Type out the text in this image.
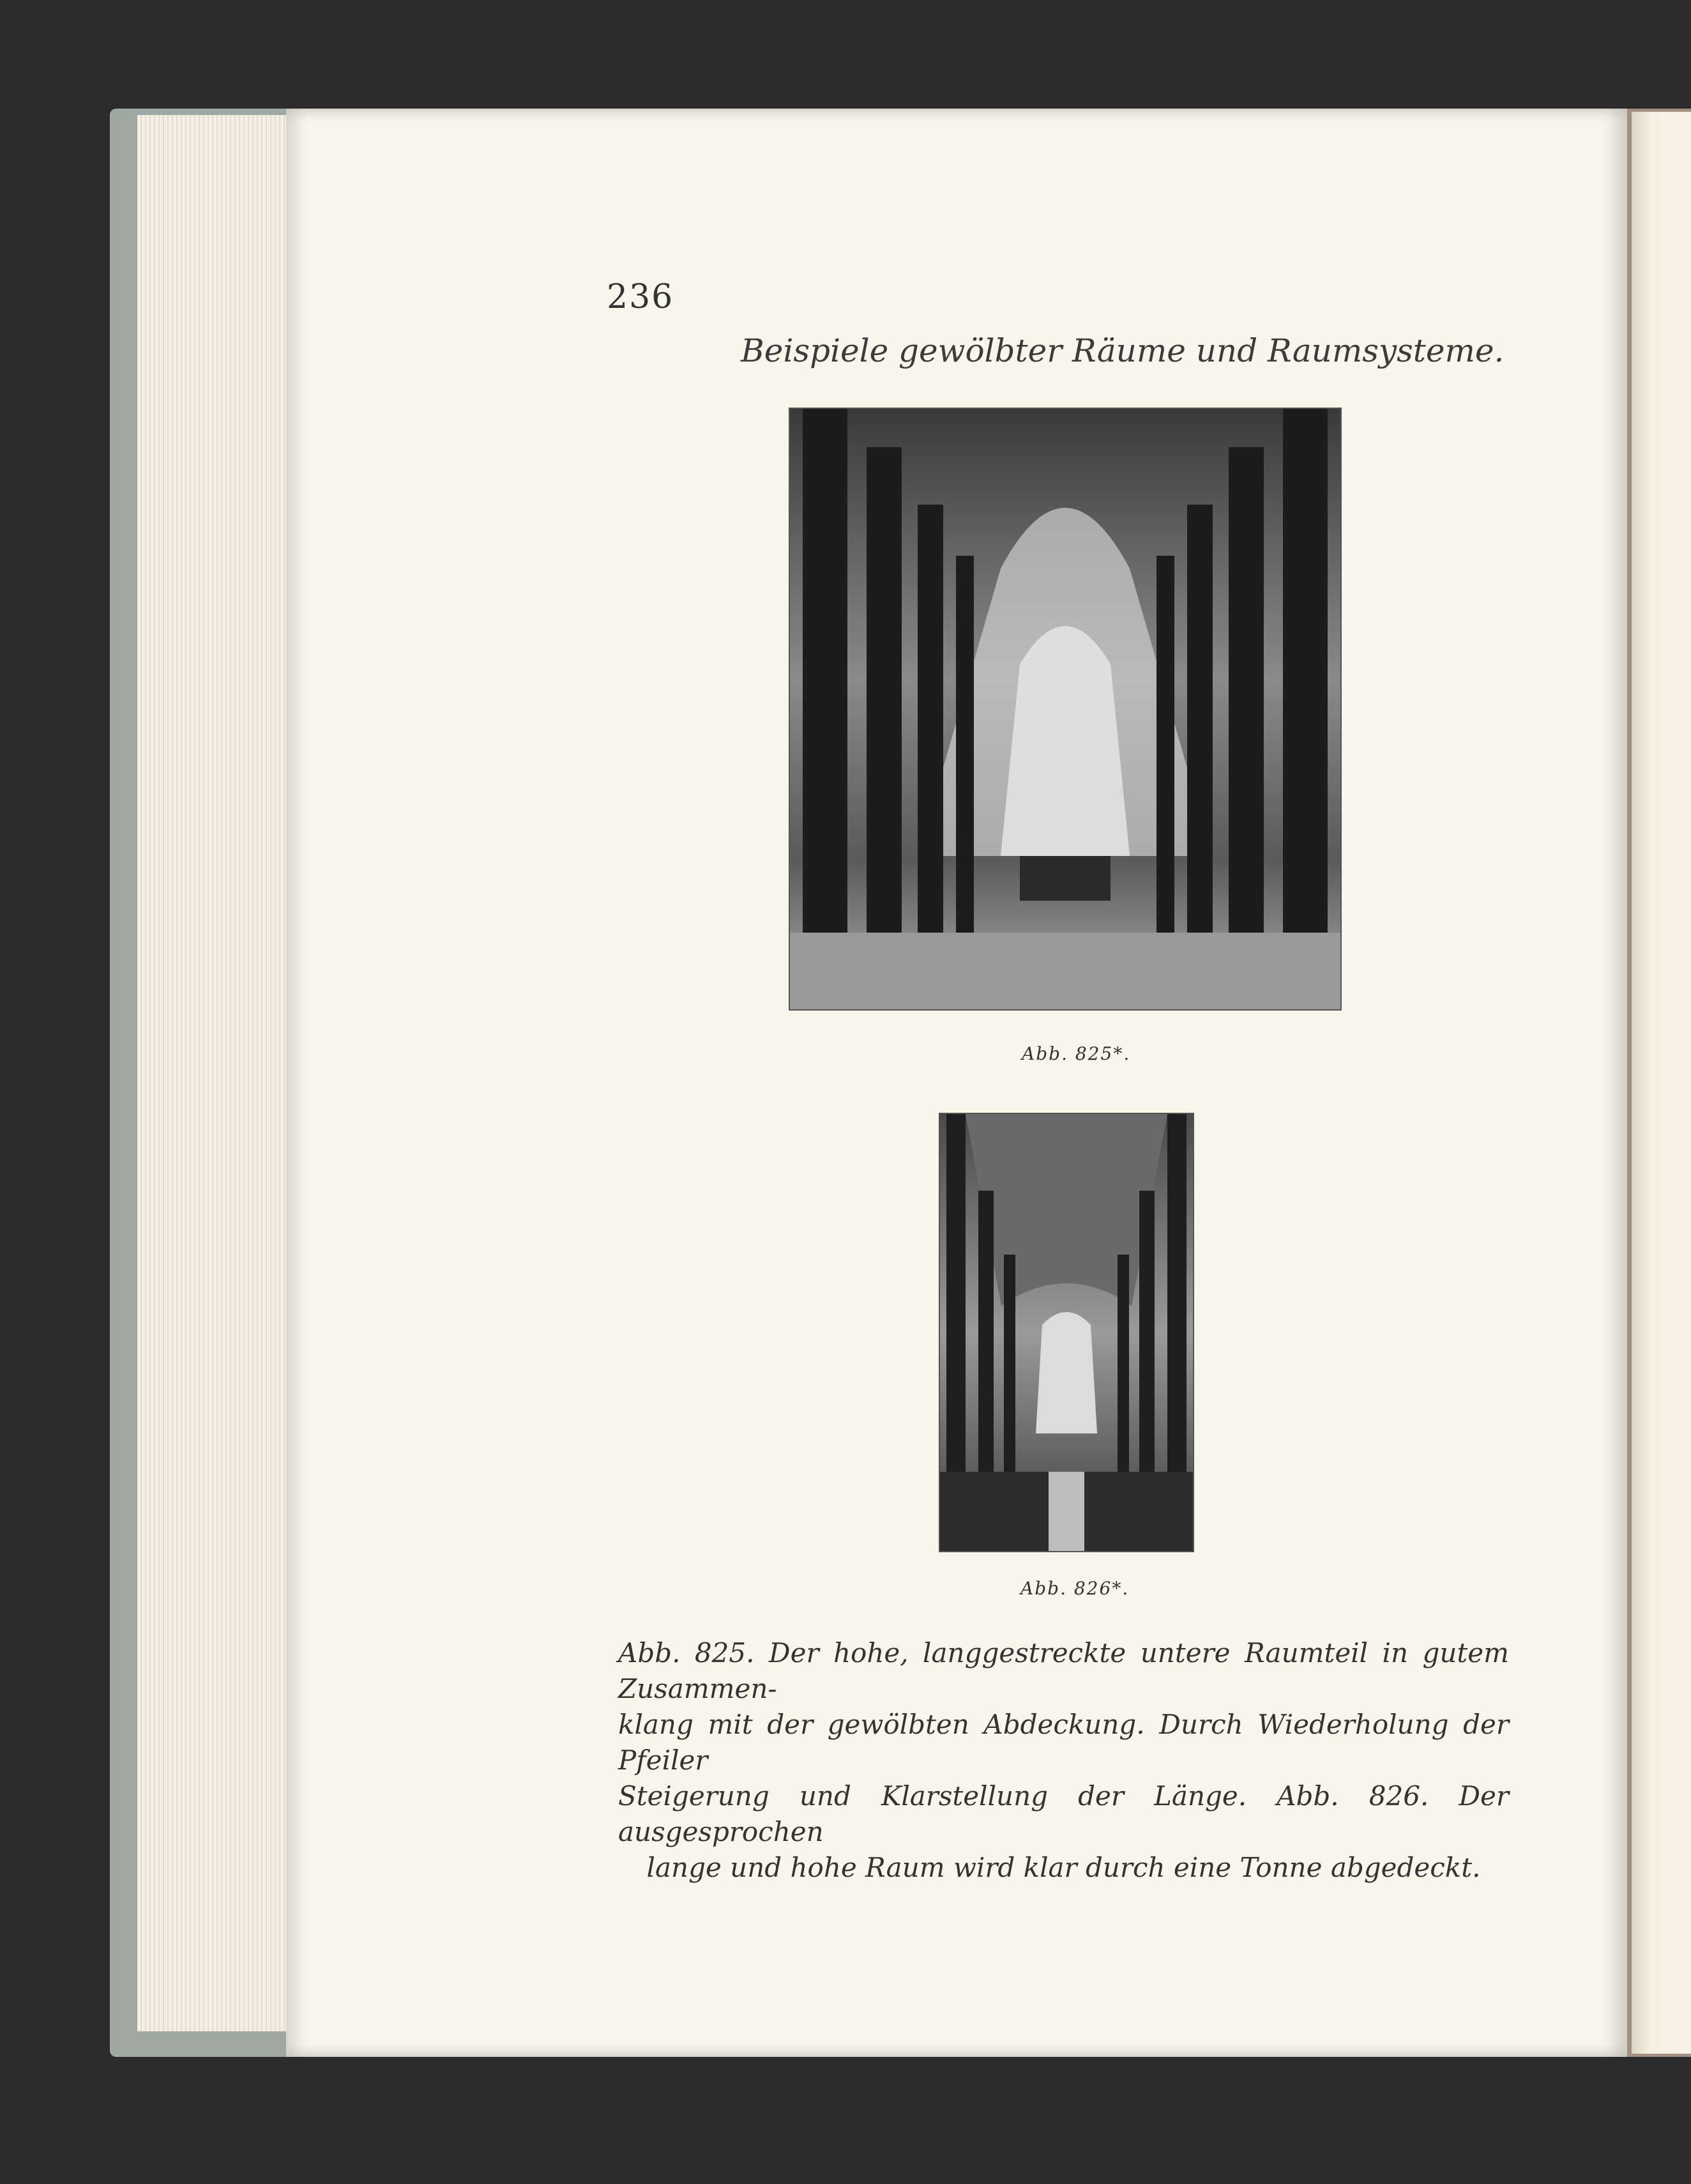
236
Beispiele gewölbter Räume und Raumsysteme.
Abb. 825*.
Abb. 826*.

Abb. 825. Der hohe, langgestreckte untere Raumteil in gutem Zusammen-
klang mit der gewölbten Abdeckung. Durch Wiederholung der Pfeiler
Steigerung und Klarstellung der Länge. Abb. 826. Der ausgesprochen
lange und hohe Raum wird klar durch eine Tonne abgedeckt.
